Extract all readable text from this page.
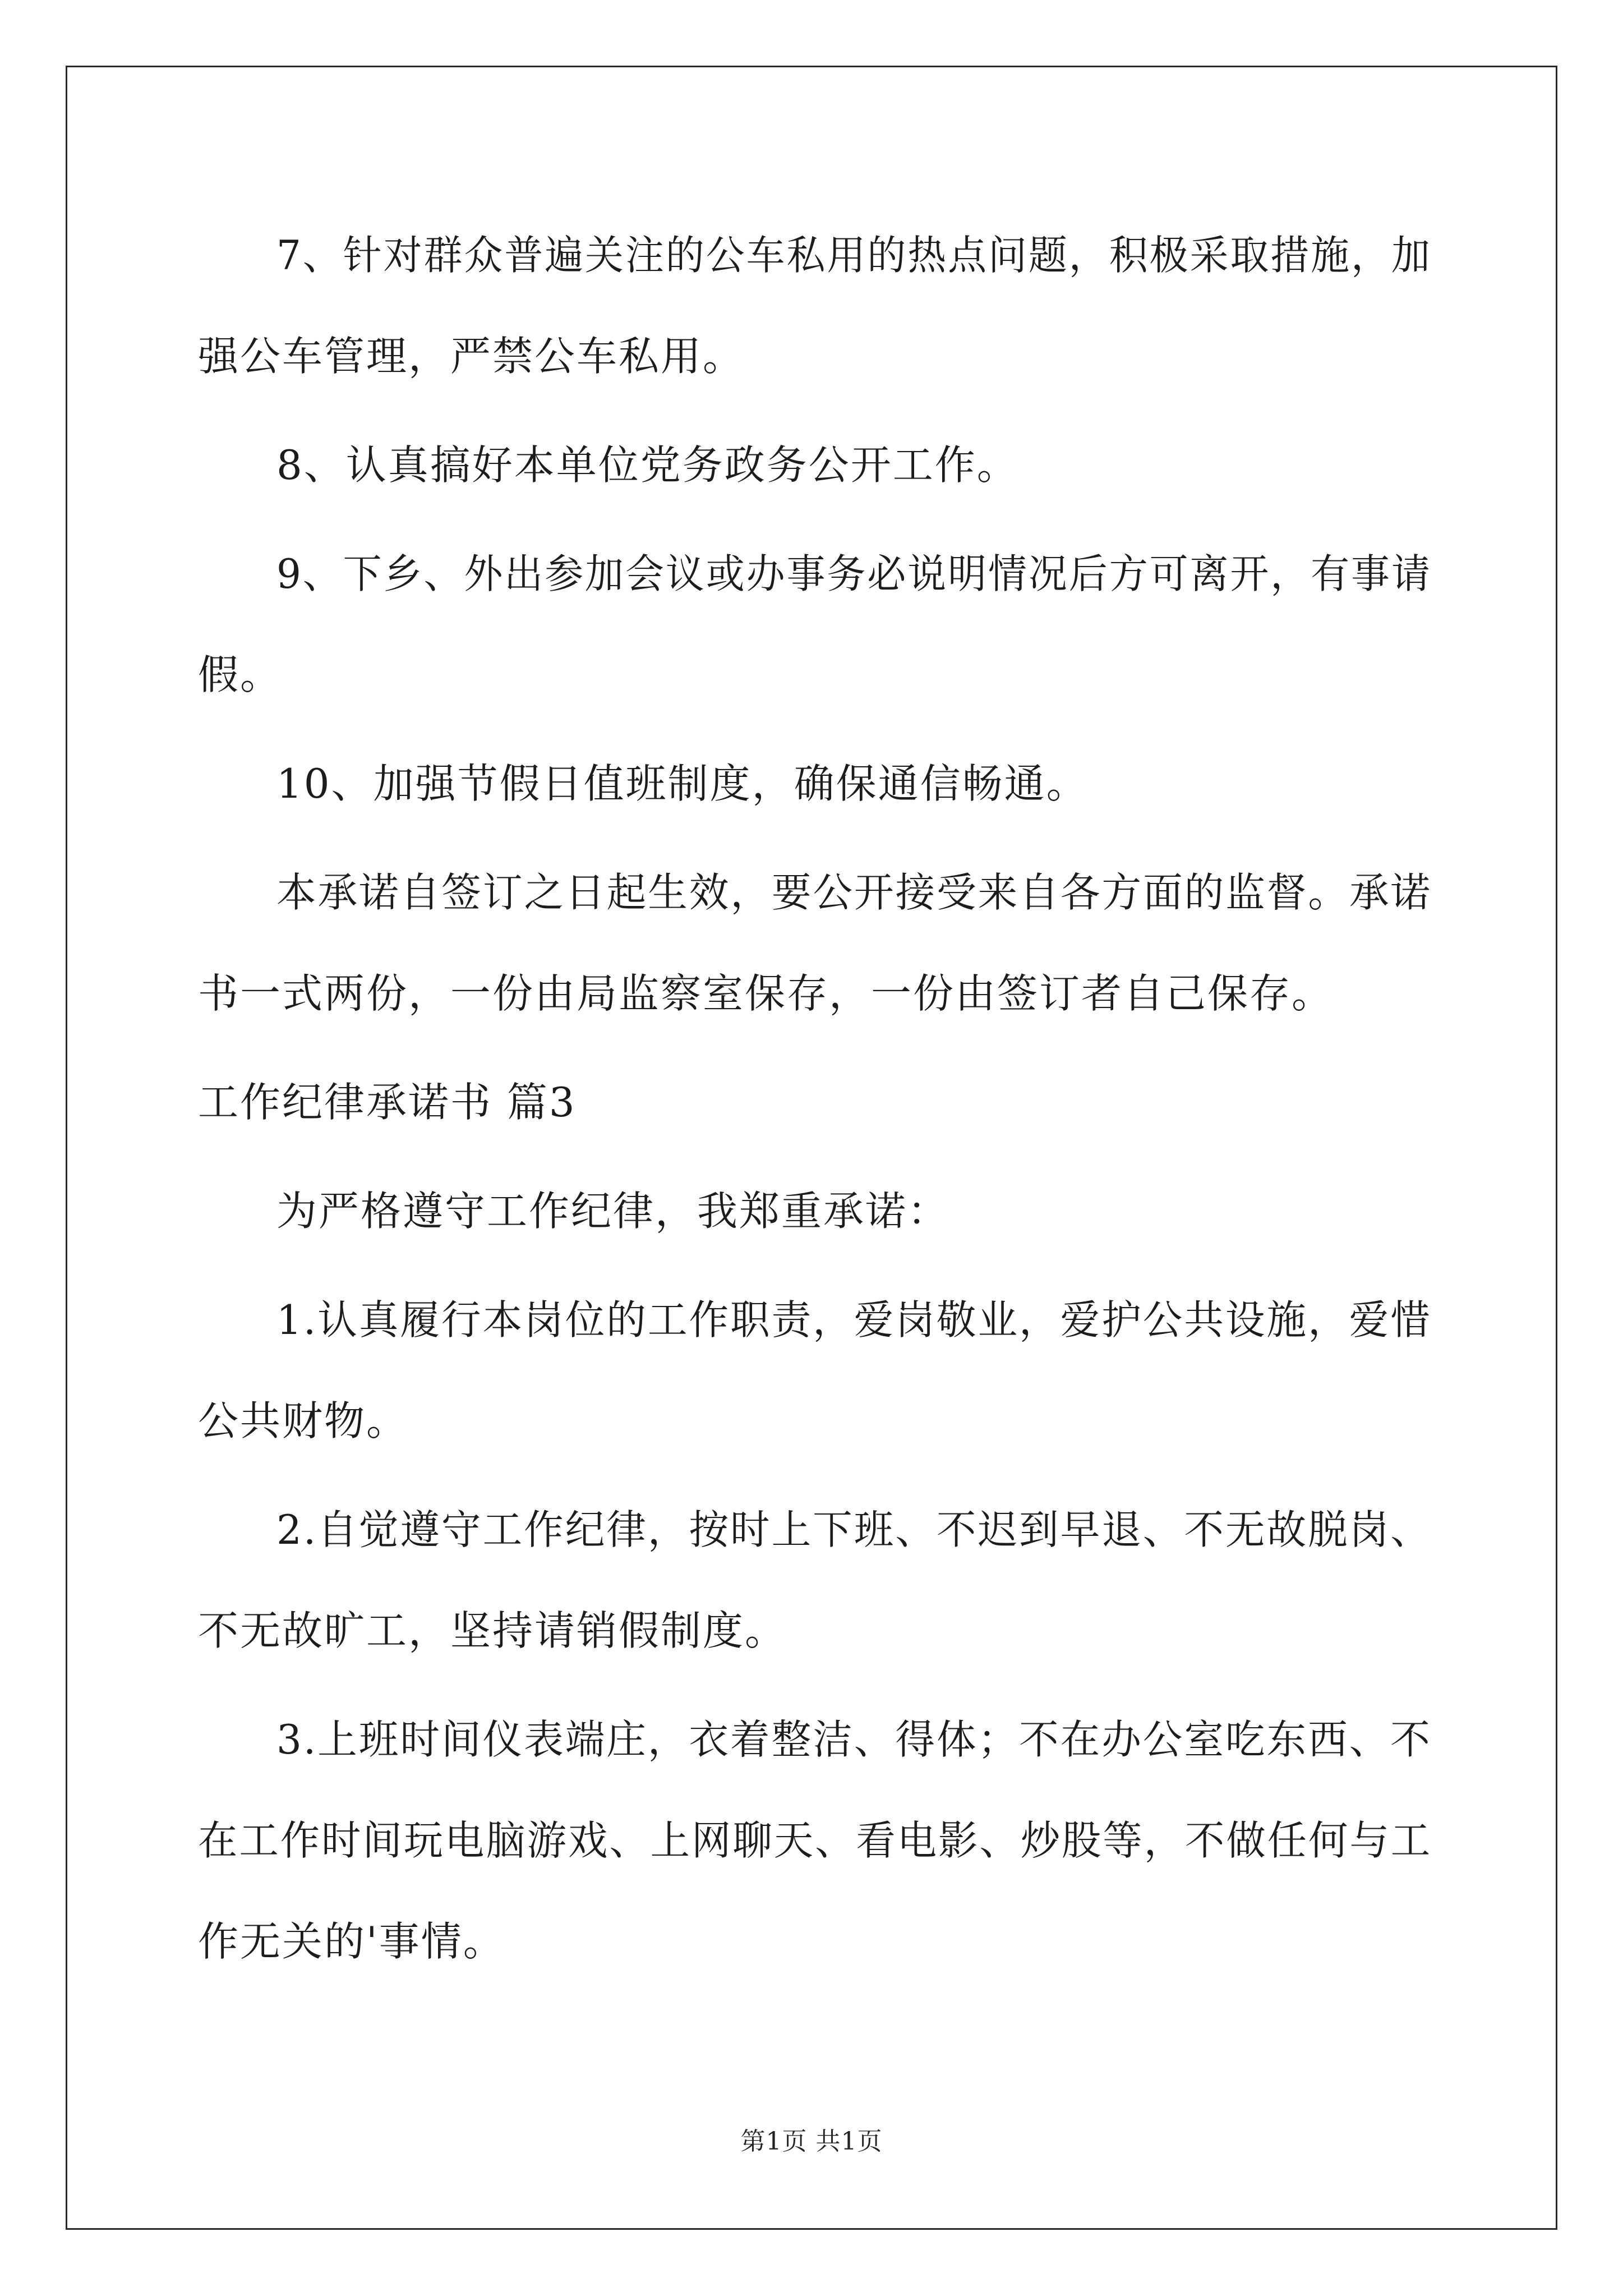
7、针对群众普遍关注的公车私用的热点问题，积极采取措施，加
强公车管理，严禁公车私用。
8、认真搞好本单位党务政务公开工作。
9、下乡、外出参加会议或办事务必说明情况后方可离开，有事请
假。
10、加强节假日值班制度，确保通信畅通。
本承诺自签订之日起生效，要公开接受来自各方面的监督。承诺
书一式两份，一份由局监察室保存，一份由签订者自己保存。
工作纪律承诺书 篇3
为严格遵守工作纪律，我郑重承诺：
1.认真履行本岗位的工作职责，爱岗敬业，爱护公共设施，爱惜
公共财物。
2.自觉遵守工作纪律，按时上下班、不迟到早退、不无故脱岗、
不无故旷工，坚持请销假制度。
3.上班时间仪表端庄，衣着整洁、得体；不在办公室吃东西、不
在工作时间玩电脑游戏、上网聊天、看电影、炒股等，不做任何与工
作无关的'事情。
第1页 共1页
